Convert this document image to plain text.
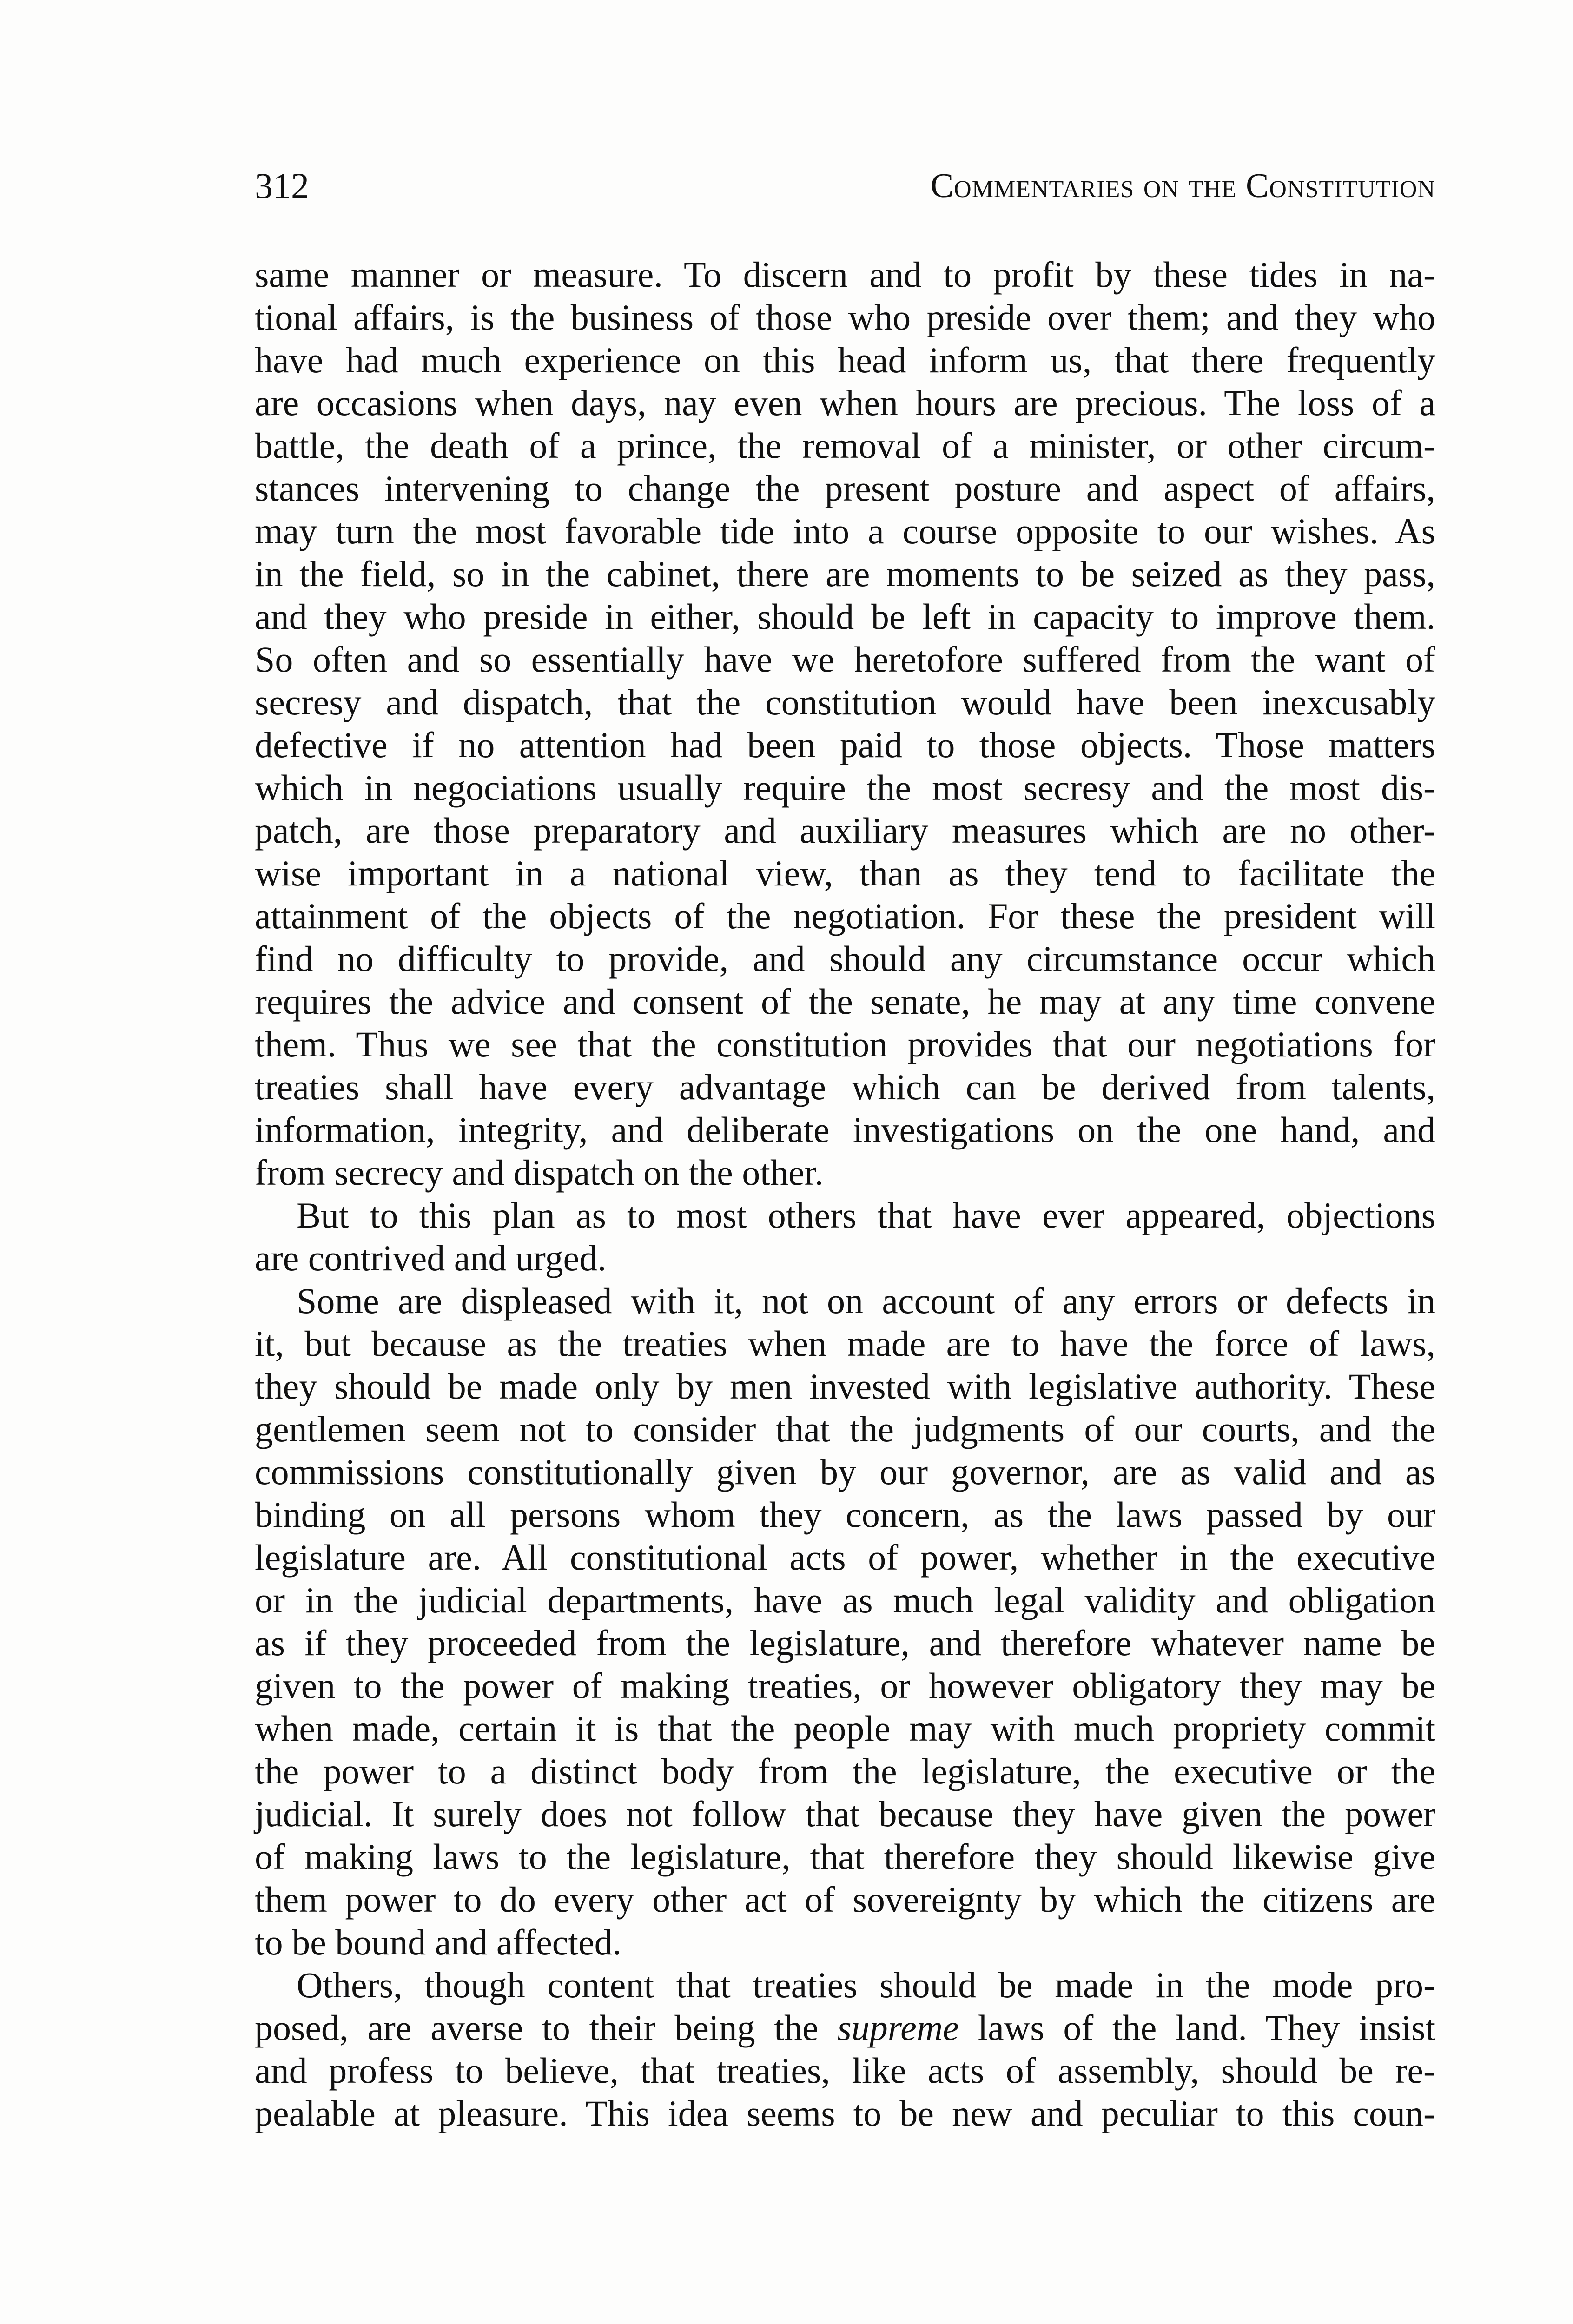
312	Commentaries on the Constitution
same manner or measure. To discern and to profit by these tides in na-
tional affairs, is the business of those who preside over them; and they who
have had much experience on this head inform us, that there frequently
are occasions when days, nay even when hours are precious. The loss of a
battle, the death of a prince, the removal of a minister, or other circum-
stances intervening to change the present posture and aspect of affairs,
may turn the most favorable tide into a course opposite to our wishes. As
in the field, so in the cabinet, there are moments to be seized as they pass,
and they who preside in either, should be left in capacity to improve them.
So often and so essentially have we heretofore suffered from the want of
secresy and dispatch, that the constitution would have been inexcusably
defective if no attention had been paid to those objects. Those matters
which in negociations usually require the most secresy and the most dis-
patch, are those preparatory and auxiliary measures which are no other-
wise important in a national view, than as they tend to facilitate the
attainment of the objects of the negotiation. For these the president will
find no difficulty to provide, and should any circumstance occur which
requires the advice and consent of the senate, he may at any time convene
them. Thus we see that the constitution provides that our negotiations for
treaties shall have every advantage which can be derived from talents,
information, integrity, and deliberate investigations on the one hand, and
from secrecy and dispatch on the other.
But to this plan as to most others that have ever appeared, objections
are contrived and urged.
Some are displeased with it, not on account of any errors or defects in
it, but because as the treaties when made are to have the force of laws,
they should be made only by men invested with legislative authority. These
gentlemen seem not to consider that the judgments of our courts, and the
commissions constitutionally given by our governor, are as valid and as
binding on all persons whom they concern, as the laws passed by our
legislature are. All constitutional acts of power, whether in the executive
or in the judicial departments, have as much legal validity and obligation
as if they proceeded from the legislature, and therefore whatever name be
given to the power of making treaties, or however obligatory they may be
when made, certain it is that the people may with much propriety commit
the power to a distinct body from the legislature, the executive or the
judicial. It surely does not follow that because they have given the power
of making laws to the legislature, that therefore they should likewise give
them power to do every other act of sovereignty by which the citizens are
to be bound and affected.
Others, though content that treaties should be made in the mode pro-
posed, are averse to their being the supreme laws of the land. They insist
and profess to believe, that treaties, like acts of assembly, should be re-
pealable at pleasure. This idea seems to be new and peculiar to this coun-
